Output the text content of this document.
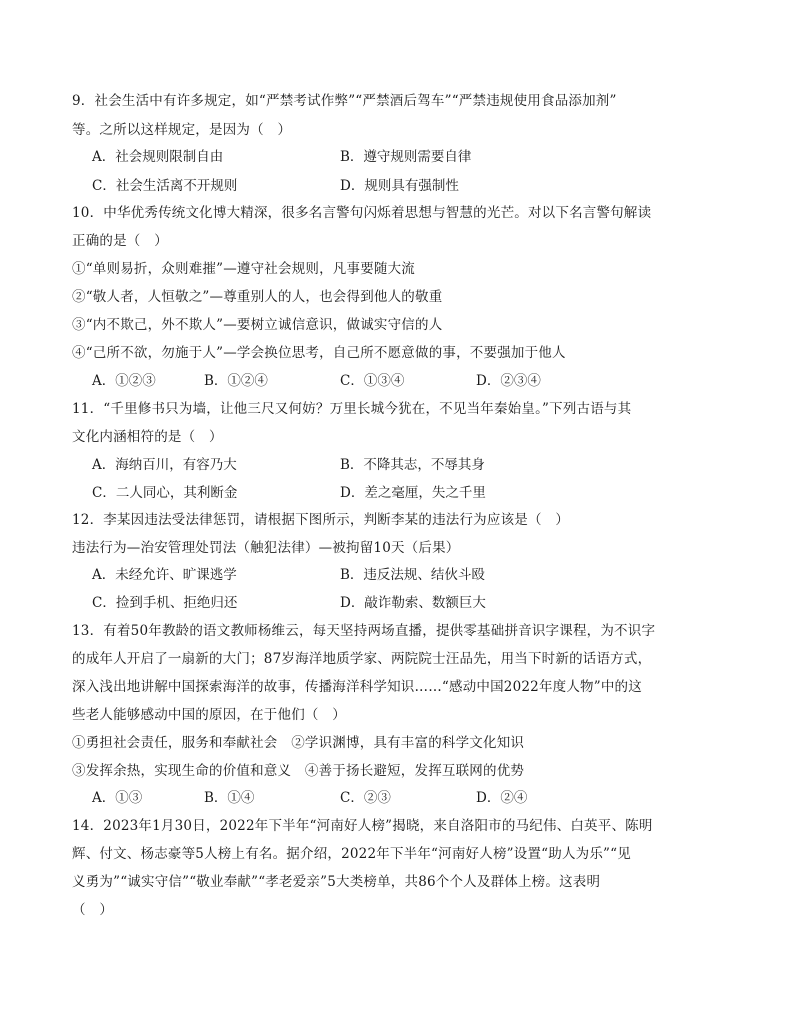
9．社会生活中有许多规定，如“严禁考试作弊”“严禁酒后驾车”“严禁违规使用食品添加剂”
等。之所以这样规定，是因为（　）
A．社会规则限制自由	B．遵守规则需要自律
C．社会生活离不开规则	D．规则具有强制性
10．中华优秀传统文化博大精深，很多名言警句闪烁着思想与智慧的光芒。对以下名言警句解读
正确的是（　）
①“单则易折，众则难摧”—遵守社会规则，凡事要随大流
②“敬人者，人恒敬之”—尊重别人的人，也会得到他人的敬重
③“内不欺己，外不欺人”—要树立诚信意识，做诚实守信的人
④“己所不欲，勿施于人”—学会换位思考，自己所不愿意做的事，不要强加于他人
A．①②③	B．①②④	C．①③④	D．②③④
11．“千里修书只为墙，让他三尺又何妨？万里长城今犹在，不见当年秦始皇。”下列古语与其
文化内涵相符的是（　）
A．海纳百川，有容乃大	B．不降其志，不辱其身
C．二人同心，其利断金	D．差之毫厘，失之千里
12．李某因违法受法律惩罚，请根据下图所示，判断李某的违法行为应该是（　）
违法行为—治安管理处罚法（触犯法律）—被拘留10天（后果）
A．未经允许、旷课逃学	B．违反法规、结伙斗殴
C．捡到手机、拒绝归还	D．敲诈勒索、数额巨大
13．有着50年教龄的语文教师杨维云，每天坚持两场直播，提供零基础拼音识字课程，为不识字
的成年人开启了一扇新的大门；87岁海洋地质学家、两院院士汪品先，用当下时新的话语方式，
深入浅出地讲解中国探索海洋的故事，传播海洋科学知识……“感动中国2022年度人物”中的这
些老人能够感动中国的原因，在于他们（　）
①勇担社会责任，服务和奉献社会　②学识渊博，具有丰富的科学文化知识
③发挥余热，实现生命的价值和意义　④善于扬长避短，发挥互联网的优势
A．①③	B．①④	C．②③	D．②④
14．2023年1月30日，2022年下半年“河南好人榜”揭晓，来自洛阳市的马纪伟、白英平、陈明
辉、付文、杨志豪等5人榜上有名。据介绍，2022年下半年“河南好人榜”设置“助人为乐”“见
义勇为”“诚实守信”“敬业奉献”“孝老爱亲”5大类榜单，共86个个人及群体上榜。这表明
（　）
